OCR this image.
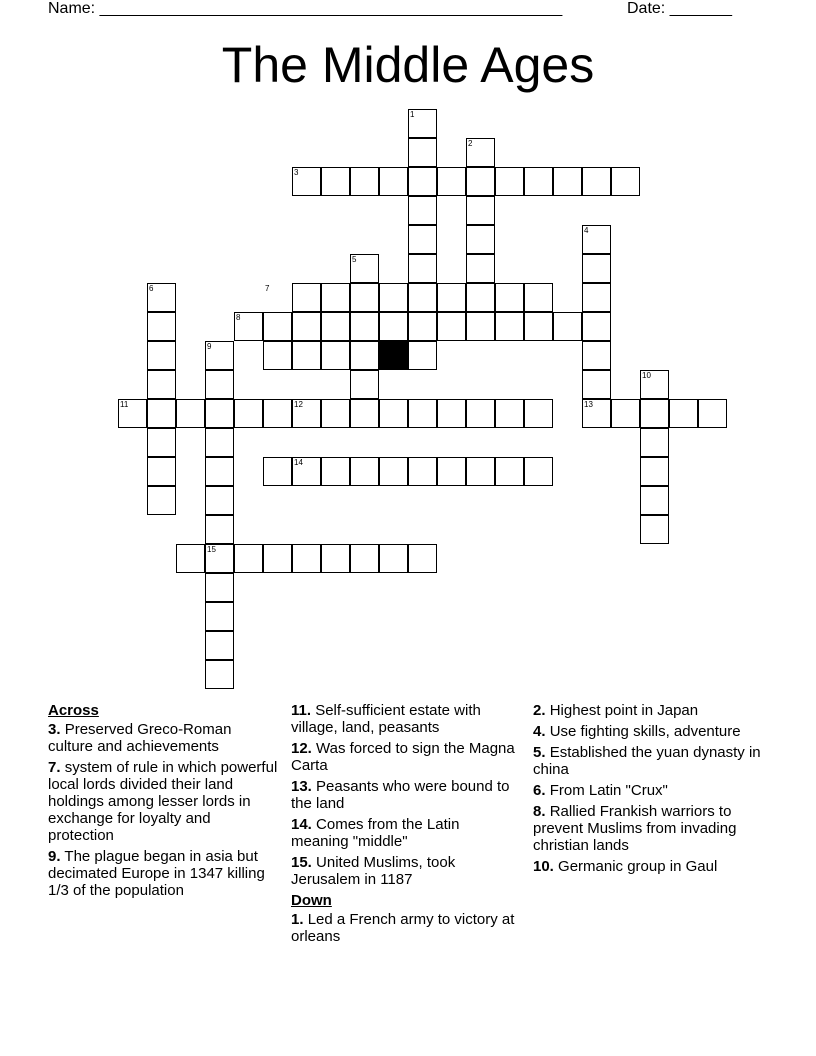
Name: ____________________________________________________	Date: _______
The Middle Ages
1
2
3
4
5
6	7
8
9
10
11	12	13
14
15
Across
3. Preserved Greco-Roman culture and achievements
7. system of rule in which powerful local lords divided their land holdings among lesser lords in exchange for loyalty and protection
9. The plague began in asia but decimated Europe in 1347 killing 1/3 of the population
11. Self-sufficient estate with village, land, peasants
12. Was forced to sign the Magna Carta
13. Peasants who were bound to the land
14. Comes from the Latin meaning "middle"
15. United Muslims, took Jerusalem in 1187
Down
1. Led a French army to victory at orleans
2. Highest point in Japan
4. Use fighting skills, adventure
5. Established the yuan dynasty in china
6. From Latin "Crux"
8. Rallied Frankish warriors to prevent Muslims from invading christian lands
10. Germanic group in Gaul
